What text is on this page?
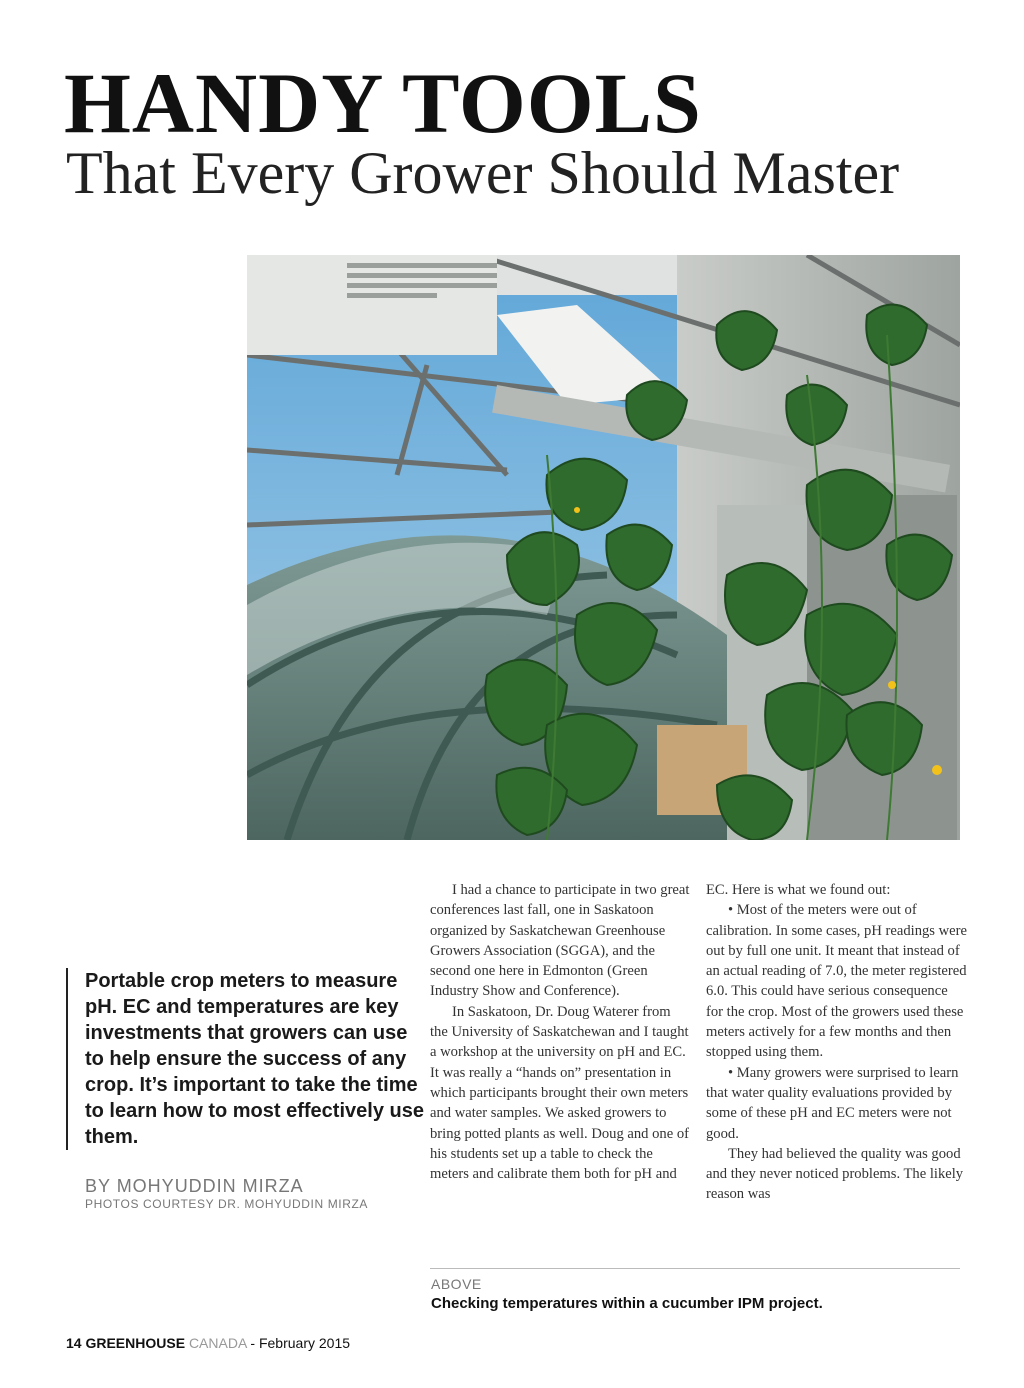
HANDY TOOLS
That Every Grower Should Master

Portable crop meters to measure pH. EC and temperatures are key investments that growers can use to help ensure the success of any crop. It’s important to take the time to learn how to most effectively use them.

BY MOHYUDDIN MIRZA
PHOTOS COURTESY DR. MOHYUDDIN MIRZA

I had a chance to participate in two great conferences last fall, one in Saskatoon organized by Saskatchewan Greenhouse Growers Association (SGGA), and the second one here in Edmonton (Green Industry Show and Conference).

In Saskatoon, Dr. Doug Waterer from the University of Saskatchewan and I taught a workshop at the university on pH and EC. It was really a “hands on” presentation in which participants brought their own meters and water samples. We asked growers to bring potted plants as well. Doug and one of his students set up a table to check the meters and calibrate them both for pH and

EC. Here is what we found out:

• Most of the meters were out of calibration. In some cases, pH readings were out by full one unit. It meant that instead of an actual reading of 7.0, the meter registered 6.0. This could have serious consequence for the crop. Most of the growers used these meters actively for a few months and then stopped using them.

• Many growers were surprised to learn that water quality evaluations provided by some of these pH and EC meters were not good.

They had believed the quality was good and they never noticed problems. The likely reason was

ABOVE
Checking temperatures within a cucumber IPM project.
14 GREENHOUSE CANADA - February 2015
